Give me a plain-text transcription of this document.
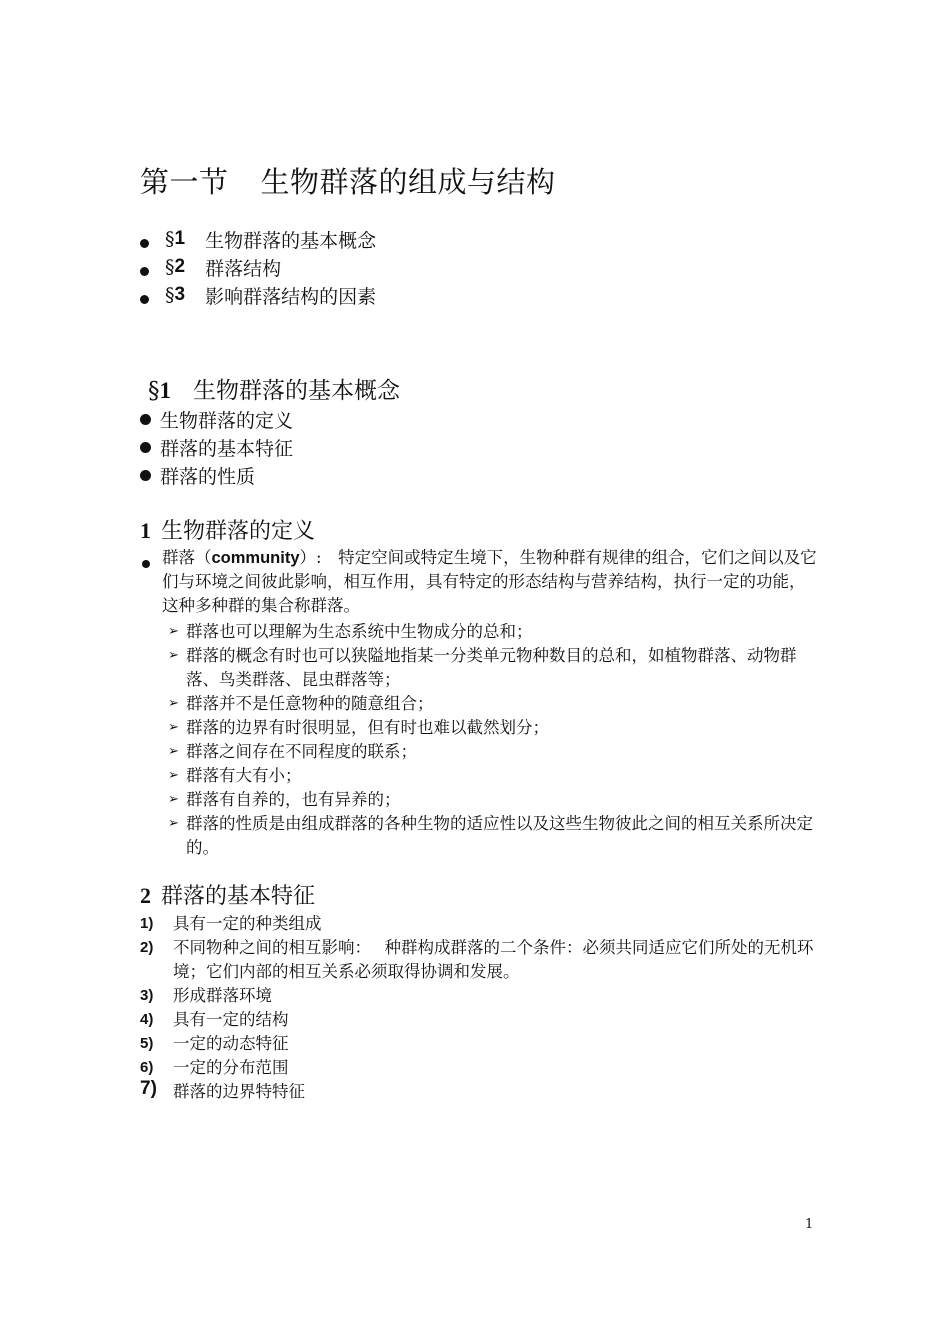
第一节 生物群落的组成与结构
§ 1 生物群落的基本概念
§ 2 群落结构
§ 3 影响群落结构的因素
§1 生物群落的基本概念
生物群落的定义
群落的基本特征
群落的性质
1 生物群落的定义
群落（community）:　 特定空间或特定生境下，生物种群有规律的组合，它们之间以及它们与环境之间彼此影响，相互作用，具有特定的形态结构与营养结构，执行一定的功能，这种多种群的集合称群落。
➢ 群落也可以理解为生态系统中生物成分的总和；
➢ 群落的概念有时也可以狭隘地指某一分类单元物种数目的总和，如植物群落、动物群落、鸟类群落、昆虫群落等；
➢ 群落并不是任意物种的随意组合；
➢ 群落的边界有时很明显，但有时也难以截然划分；
➢ 群落之间存在不同程度的联系；
➢ 群落有大有小；
➢ 群落有自养的，也有异养的；
➢ 群落的性质是由组成群落的各种生物的适应性以及这些生物彼此之间的相互关系所决定的。
2 群落的基本特征
1) 具有一定的种类组成
2) 不同物种之间的相互影响：　 种群构成群落的二个条件：必须共同适应它们所处的无机环境；它们内部的相互关系必须取得协调和发展。
3) 形成群落环境
4) 具有一定的结构
5) 一定的动态特征
6) 一定的分布范围
7) 群落的边界特特征
1
